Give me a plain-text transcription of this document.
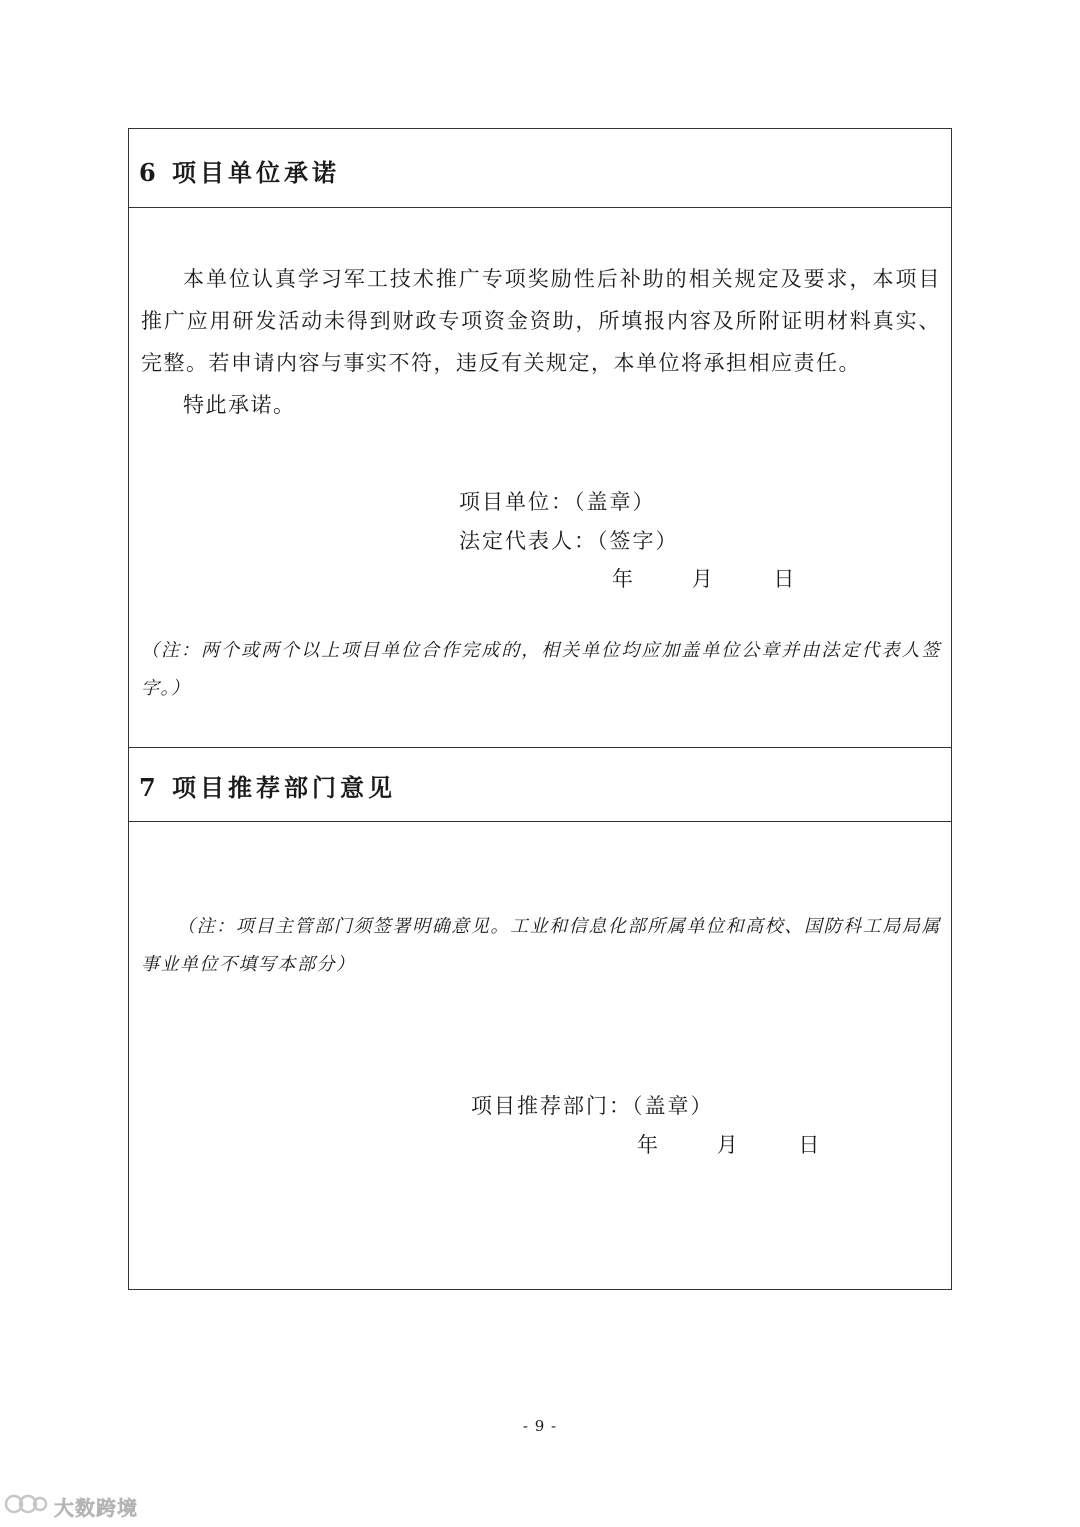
6 项目单位承诺

本单位认真学习军工技术推广专项奖励性后补助的相关规定及要求，本项目推广应用研发活动未得到财政专项资金资助，所填报内容及所附证明材料真实、完整。若申请内容与事实不符，违反有关规定，本单位将承担相应责任。

特此承诺。

项目单位：（盖章）
法定代表人：（签字）
年	月	日
（注：两个或两个以上项目单位合作完成的，相关单位均应加盖单位公章并由法定代表人签字。）
7 项目推荐部门意见
（注：项目主管部门须签署明确意见。工业和信息化部所属单位和高校、国防科工局局属事业单位不填写本部分）
项目推荐部门：（盖章）
年	月	日
- 9 -
大数跨境
